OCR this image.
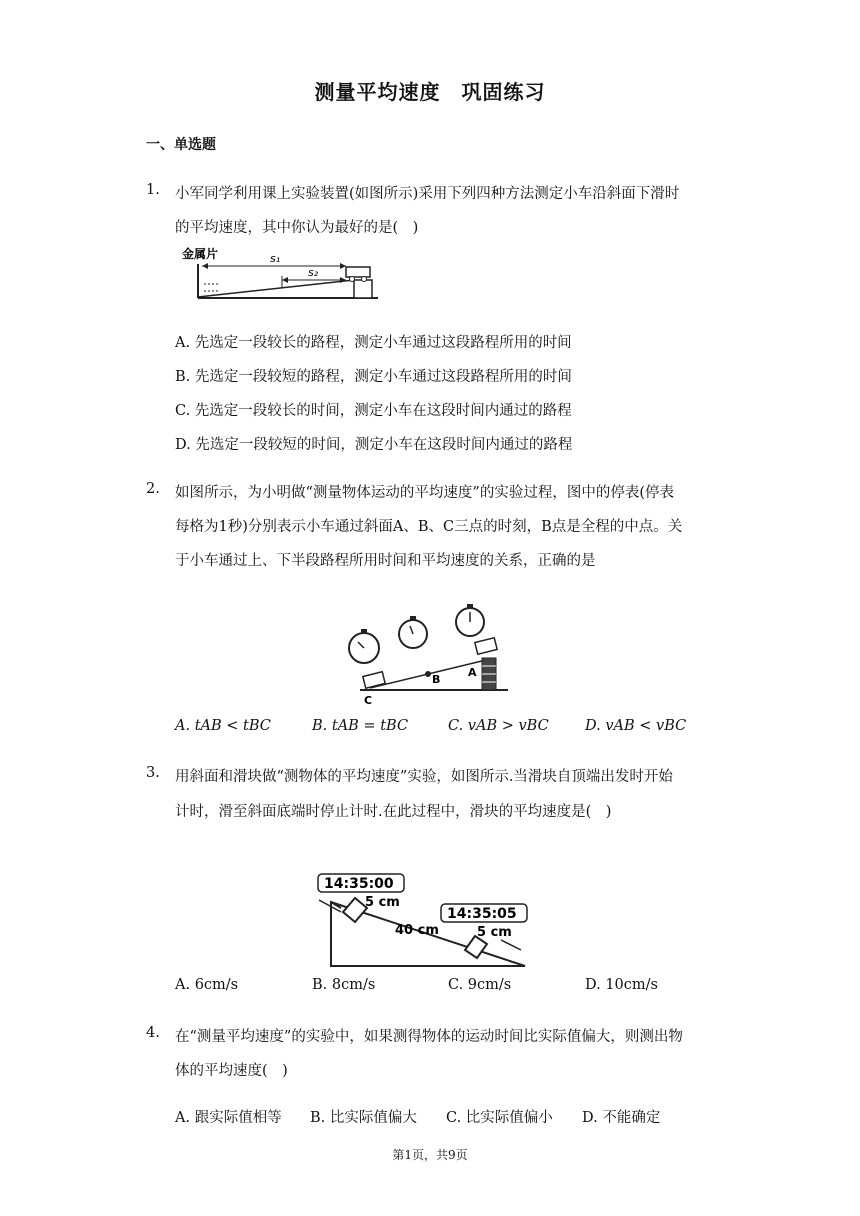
测量平均速度　巩固练习
一、单选题
1. 小军同学利用课上实验装置(如图所示)采用下列四种方法测定小车沿斜面下滑时
的平均速度，其中你认为最好的是(　)
金属片	s₁
s₂
A. 先选定一段较长的路程，测定小车通过这段路程所用的时间
B. 先选定一段较短的路程，测定小车通过这段路程所用的时间
C. 先选定一段较长的时间，测定小车在这段时间内通过的路程
D. 先选定一段较短的时间，测定小车在这段时间内通过的路程
2. 如图所示，为小明做“测量物体运动的平均速度”的实验过程，图中的停表(停表
每格为1秒)分别表示小车通过斜面A、B、C三点的时刻，B点是全程的中点。关
于小车通过上、下半段路程所用时间和平均速度的关系，正确的是
B
A
C
A. tAB < tBC	B. tAB = tBC	C. vAB > vBC	D. vAB < vBC
3. 用斜面和滑块做“测物体的平均速度”实验，如图所示.当滑块自顶端出发时开始
计时，滑至斜面底端时停止计时.在此过程中，滑块的平均速度是(　)
14:35:00
14:35:05
5 cm
40 cm	5 cm
A. 6cm/s	B. 8cm/s	C. 9cm/s	D. 10cm/s
4. 在“测量平均速度”的实验中，如果测得物体的运动时间比实际值偏大，则测出物
体的平均速度(　)
A. 跟实际值相等 B. 比实际值偏大 C. 比实际值偏小 D. 不能确定
第1页，共9页
